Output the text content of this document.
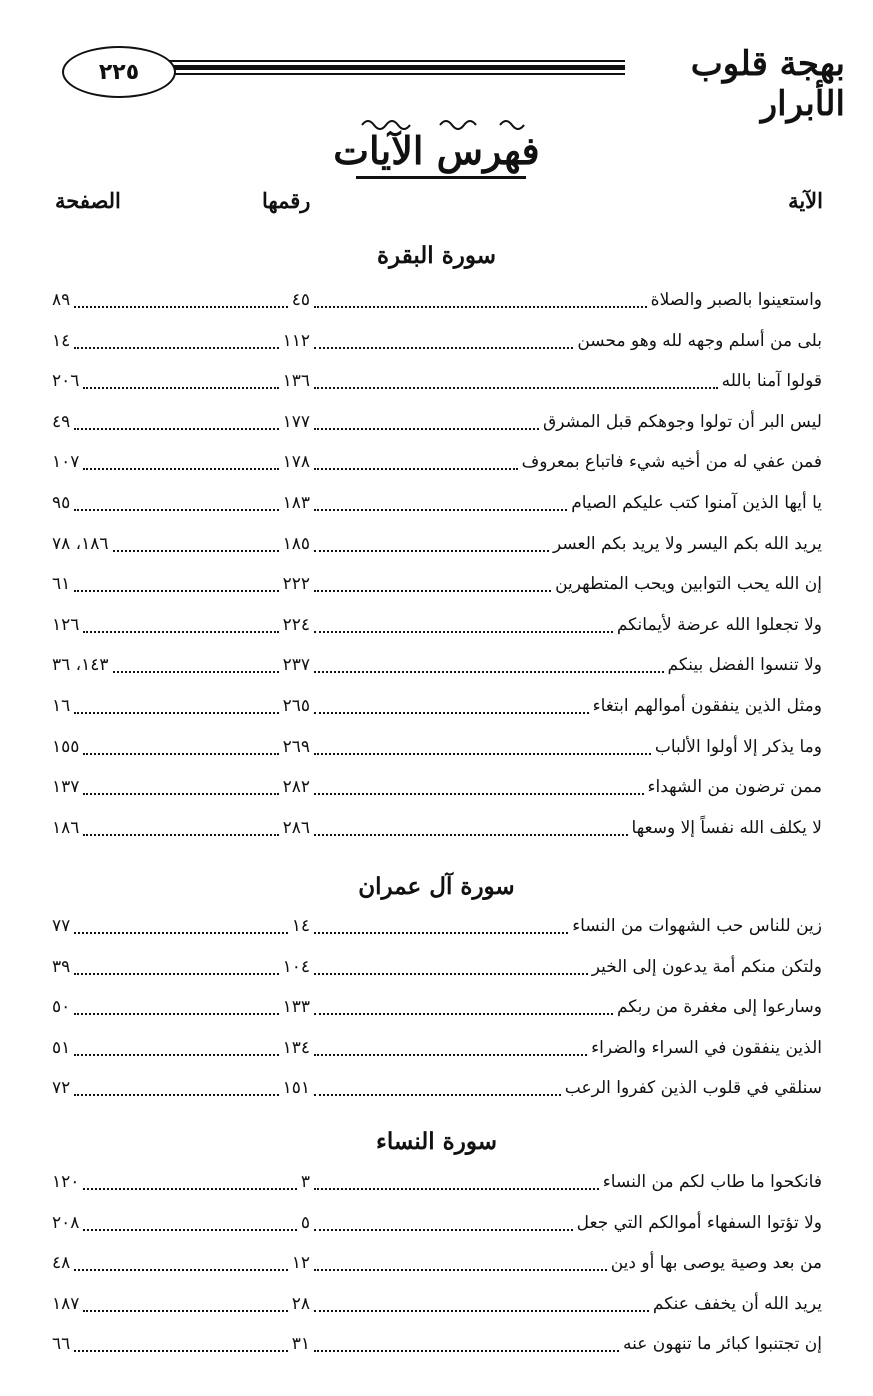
٢٢٥	بهجة قلوب الأبرار
فهرس الآيات
الآية
رقمها
الصفحة
سورة البقرة
واستعينوا بالصبر والصلاة
٤٥
٨٩
بلى من أسلم وجهه لله وهو محسن
١١٢
١٤
قولوا آمنا بالله
١٣٦
٢٠٦
ليس البر أن تولوا وجوهكم قبل المشرق
١٧٧
٤٩
فمن عفي له من أخيه شيء فاتباع بمعروف
١٧٨
١٠٧
يا أيها الذين آمنوا كتب عليكم الصيام
١٨٣
٩٥
يريد الله بكم اليسر ولا يريد بكم العسر
١٨٥
١٨٦، ٧٨
إن الله يحب التوابين ويحب المتطهرين
٢٢٢
٦١
ولا تجعلوا الله عرضة لأيمانكم
٢٢٤
١٢٦
ولا تنسوا الفضل بينكم
٢٣٧
١٤٣، ٣٦
ومثل الذين ينفقون أموالهم ابتغاء
٢٦٥
١٦
وما يذكر إلا أولوا الألباب
٢٦٩
١٥٥
ممن ترضون من الشهداء
٢٨٢
١٣٧
لا يكلف الله نفساً إلا وسعها
٢٨٦
١٨٦
سورة آل عمران
زين للناس حب الشهوات من النساء
١٤
٧٧
ولتكن منكم أمة يدعون إلى الخير
١٠٤
٣٩
وسارعوا إلى مغفرة من ربكم
١٣٣
٥٠
الذين ينفقون في السراء والضراء
١٣٤
٥١
سنلقي في قلوب الذين كفروا الرعب
١٥١
٧٢
سورة النساء
فانكحوا ما طاب لكم من النساء
٣
١٢٠
ولا تؤتوا السفهاء أموالكم التي جعل
٥
٢٠٨
من بعد وصية يوصى بها أو دين
١٢
٤٨
يريد الله أن يخفف عنكم
٢٨
١٨٧
إن تجتنبوا كبائر ما تنهون عنه
٣١
٦٦
